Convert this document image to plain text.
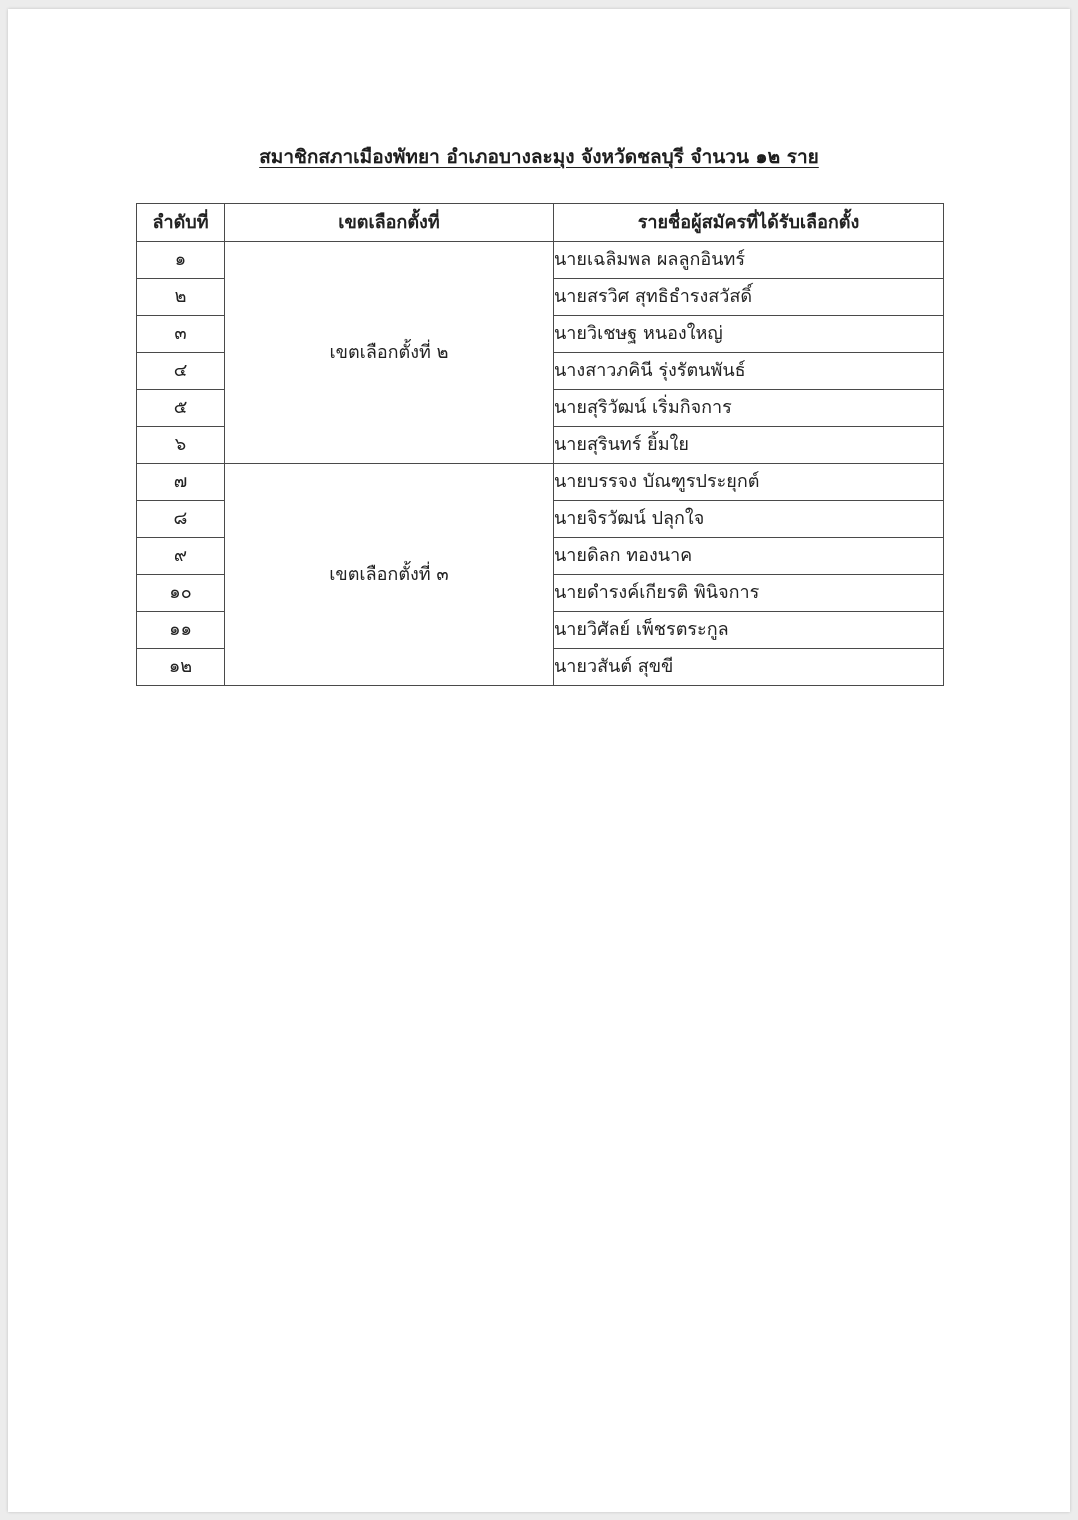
สมาชิกสภาเมืองพัทยา อำเภอบางละมุง จังหวัดชลบุรี จำนวน ๑๒ ราย
ลำดับที่	เขตเลือกตั้งที่	รายชื่อผู้สมัครที่ได้รับเลือกตั้ง
๑	เขตเลือกตั้งที่ ๒	นายเฉลิมพล ผลลูกอินทร์
๒		นายสรวิศ สุทธิธำรงสวัสดิ์
๓		นายวิเชษฐ หนองใหญ่
๔		นางสาวภคินี รุ่งรัตนพันธ์
๕		นายสุริวัฒน์ เริ่มกิจการ
๖		นายสุรินทร์ ยิ้มใย
๗	เขตเลือกตั้งที่ ๓	นายบรรจง บัณฑูรประยุกต์
๘		นายจิรวัฒน์ ปลุกใจ
๙		นายดิลก ทองนาค
๑๐		นายดำรงค์เกียรติ พินิจการ
๑๑		นายวิศัลย์ เพ็ชรตระกูล
๑๒		นายวสันต์ สุขขี
